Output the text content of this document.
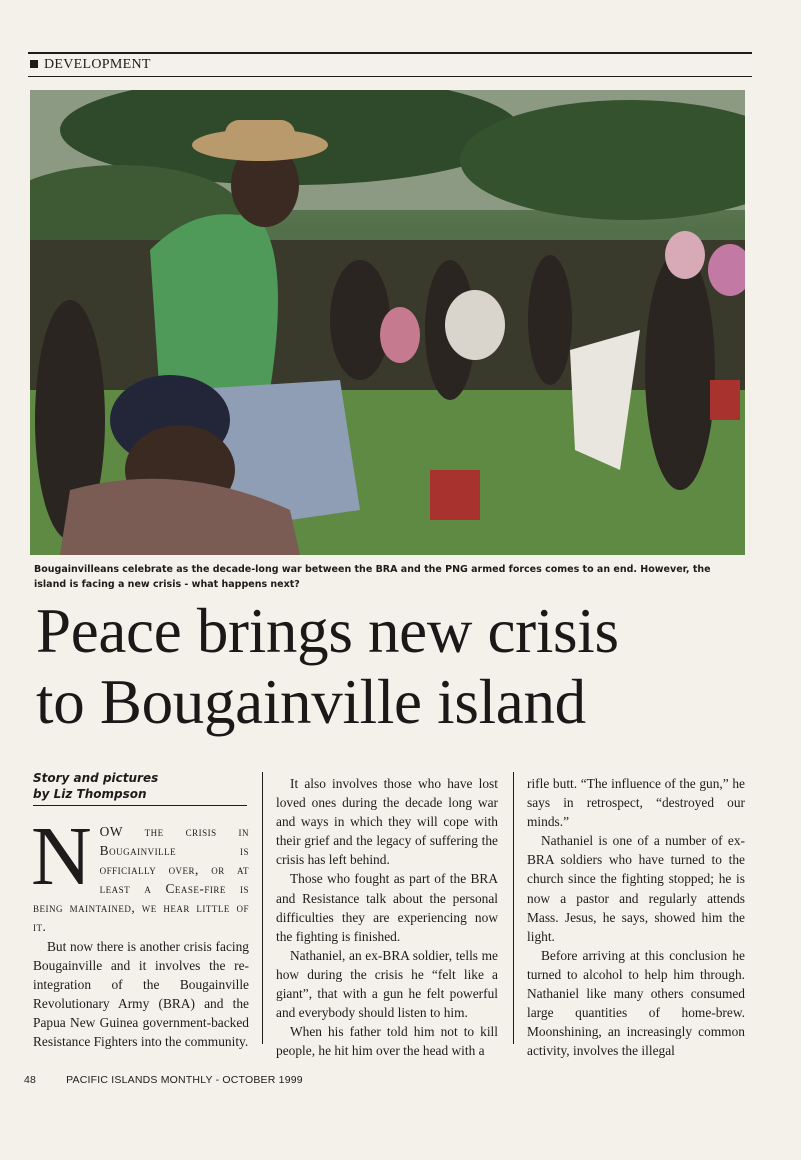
DEVELOPMENT
Bougainvilleans celebrate as the decade-long war between the BRA and the PNG armed forces comes to an end. However, the island is facing a new crisis - what happens next?
Peace brings new crisis
to Bougainville island
Story and pictures
by Liz Thompson

NOW the crisis in Bougainville is officially over, or at least a Cease-fire is being maintained, we hear little of it.

But now there is another crisis facing Bougainville and it involves the re-integration of the Bougainville Revolutionary Army (BRA) and the Papua New Guinea government-backed Resistance Fighters into the community.

It also involves those who have lost loved ones during the decade long war and ways in which they will cope with their grief and the legacy of suffering the crisis has left behind.

Those who fought as part of the BRA and Resistance talk about the personal difficulties they are experiencing now the fighting is finished.

Nathaniel, an ex-BRA soldier, tells me how during the crisis he “felt like a giant”, that with a gun he felt powerful and everybody should listen to him.

When his father told him not to kill people, he hit him over the head with a

rifle butt. “The influence of the gun,” he says in retrospect, “destroyed our minds.”

Nathaniel is one of a number of ex-BRA soldiers who have turned to the church since the fighting stopped; he is now a pastor and regularly attends Mass. Jesus, he says, showed him the light.

Before arriving at this conclusion he turned to alcohol to help him through. Nathaniel like many others consumed large quantities of home-brew. Moonshining, an increasingly common activity, involves the illegal

48	PACIFIC ISLANDS MONTHLY - OCTOBER 1999
